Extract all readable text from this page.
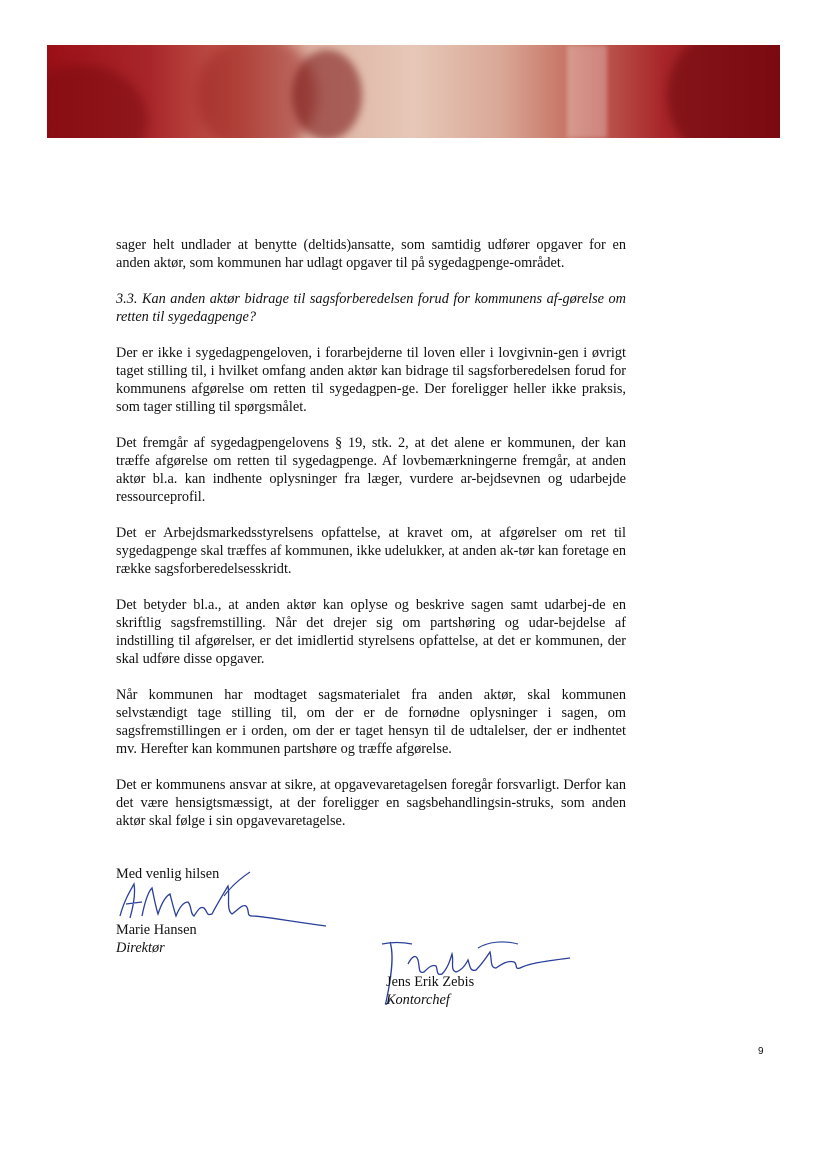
sager helt undlader at benytte (deltids)ansatte, som samtidig udfører opgaver for en anden aktør, som kommunen har udlagt opgaver til på sygedagpenge-området.

3.3. Kan anden aktør bidrage til sagsforberedelsen forud for kommunens af-gørelse om retten til sygedagpenge?

Der er ikke i sygedagpengeloven, i forarbejderne til loven eller i lovgivnin-gen i øvrigt taget stilling til, i hvilket omfang anden aktør kan bidrage til sagsforberedelsen forud for kommunens afgørelse om retten til sygedagpen-ge. Der foreligger heller ikke praksis, som tager stilling til spørgsmålet.

Det fremgår af sygedagpengelovens § 19, stk. 2, at det alene er kommunen, der kan træffe afgørelse om retten til sygedagpenge. Af lovbemærkningerne fremgår, at anden aktør bl.a. kan indhente oplysninger fra læger, vurdere ar-bejdsevnen og udarbejde ressourceprofil.

Det er Arbejdsmarkedsstyrelsens opfattelse, at kravet om, at afgørelser om ret til sygedagpenge skal træffes af kommunen, ikke udelukker, at anden ak-tør kan foretage en række sagsforberedelsesskridt.

Det betyder bl.a., at anden aktør kan oplyse og beskrive sagen samt udarbej-de en skriftlig sagsfremstilling. Når det drejer sig om partshøring og udar-bejdelse af indstilling til afgørelser, er det imidlertid styrelsens opfattelse, at det er kommunen, der skal udføre disse opgaver.

Når kommunen har modtaget sagsmaterialet fra anden aktør, skal kommunen selvstændigt tage stilling til, om der er de fornødne oplysninger i sagen, om sagsfremstillingen er i orden, om der er taget hensyn til de udtalelser, der er indhentet mv. Herefter kan kommunen partshøre og træffe afgørelse.

Det er kommunens ansvar at sikre, at opgavevaretagelsen foregår forsvarligt. Derfor kan det være hensigtsmæssigt, at der foreligger en sagsbehandlingsin-struks, som anden aktør skal følge i sin opgavevaretagelse.

Med venlig hilsen
Marie Hansen
Direktør
Jens Erik Zebis
Kontorchef
9
